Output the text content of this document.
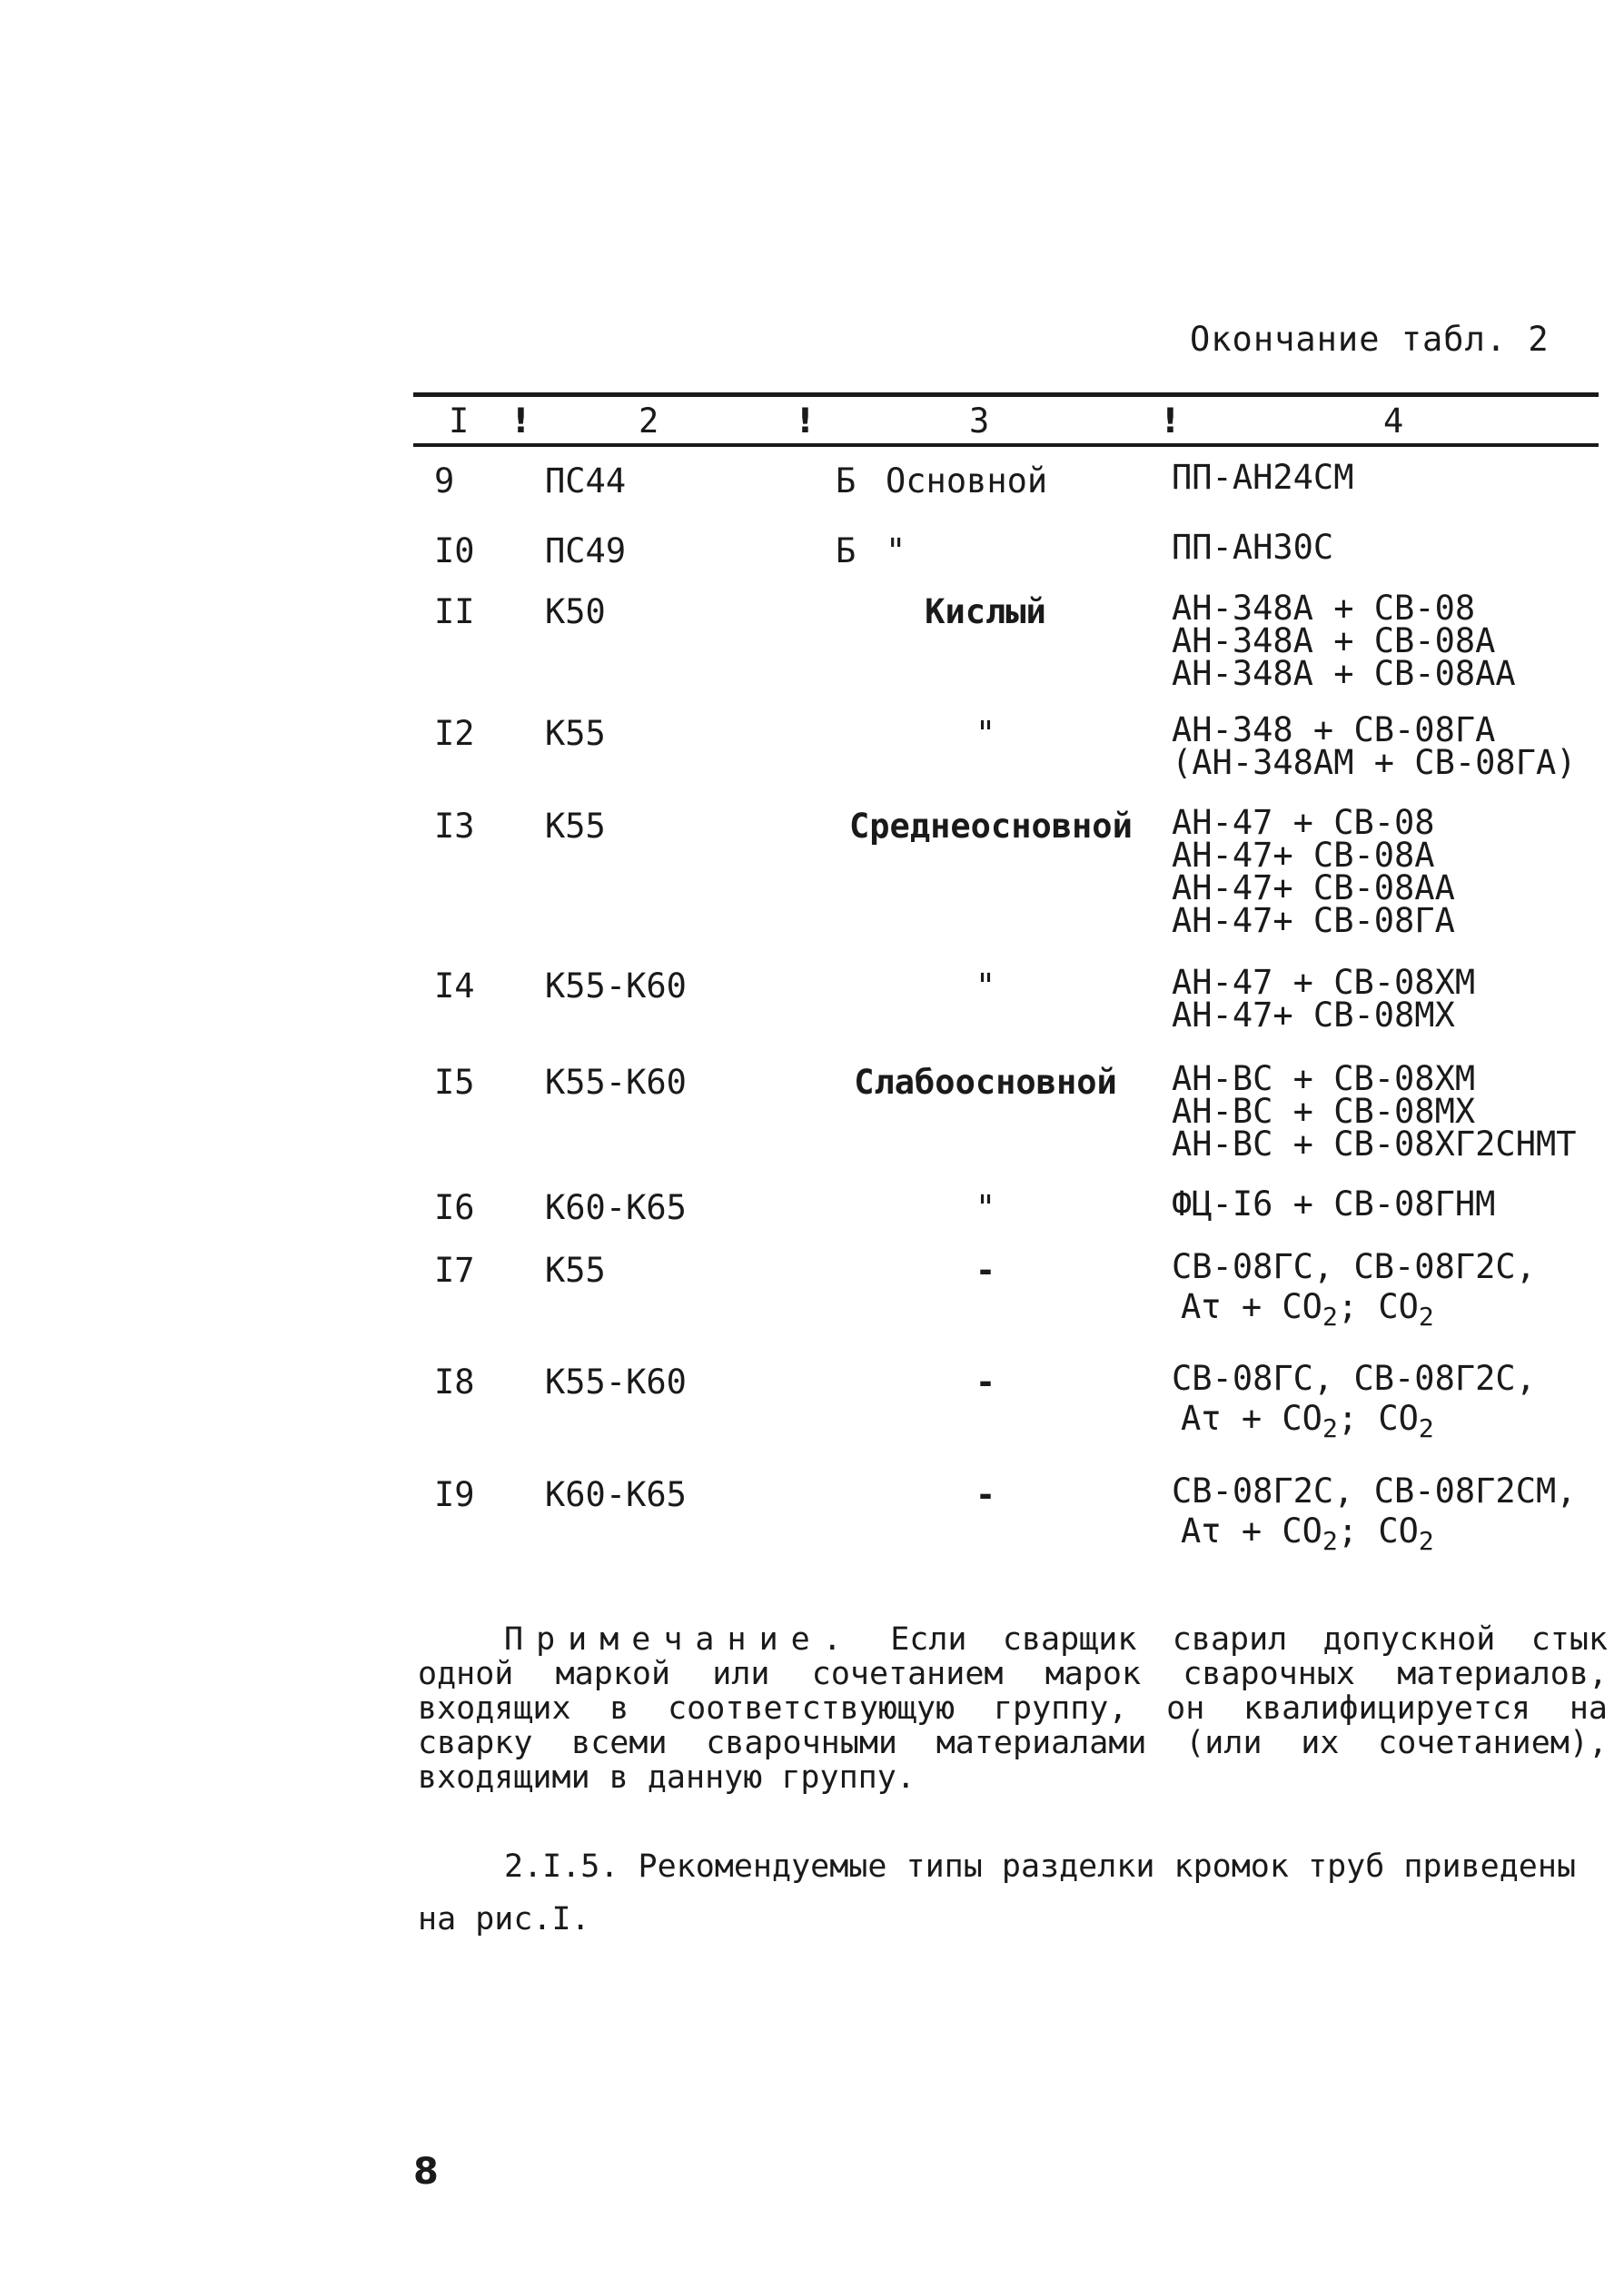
Окончание табл. 2
I !	2	!	3	!	4
9	ПС44	Б Основной	ПП-АН24СМ
I0 ПС49	Б "	ПП-АН30С
II К50	Кислый	АН-348А + СВ-08
АН-348А + СВ-08А
АН-348А + СВ-08АА
I2 К55	"	АН-348 + СВ-08ГА
(АН-348АМ + СВ-08ГА)
I3 К55	Среднеосновной АН-47 + СВ-08
АН-47+ СВ-08А
АН-47+ СВ-08АА
АН-47+ СВ-08ГА
I4 К55-К60	"	АН-47 + СВ-08ХМ
АН-47+ СВ-08МХ
I5 К55-К60	Слабоосновной АН-ВС + СВ-08ХМ
АН-ВС + СВ-08МХ
АН-ВС + СВ-08ХГ2СНМТ
I6 К60-К65	"	ФЦ-I6 + СВ-08ГНМ
I7 К55	-	СВ-08ГС, СВ-08Г2С,
$A\tau + CO_2$; $CO_2$
I8 К55-К60	-	СВ-08ГС, СВ-08Г2С,
$A\tau + CO_2$; $CO_2$
I9 К60-К65	-	СВ-08Г2С, СВ-08Г2СМ,
$A\tau + CO_2$; $CO_2$
Примечание. Если сварщик сварил допускной стык одной маркой или сочетанием марок сварочных материалов, входящих в соответствующую группу, он квалифицируется на сварку всеми сварочными материалами (или их сочетанием), входящими в данную группу.
2.I.5. Рекомендуемые типы разделки кромок труб приведены на рис.I.
8
